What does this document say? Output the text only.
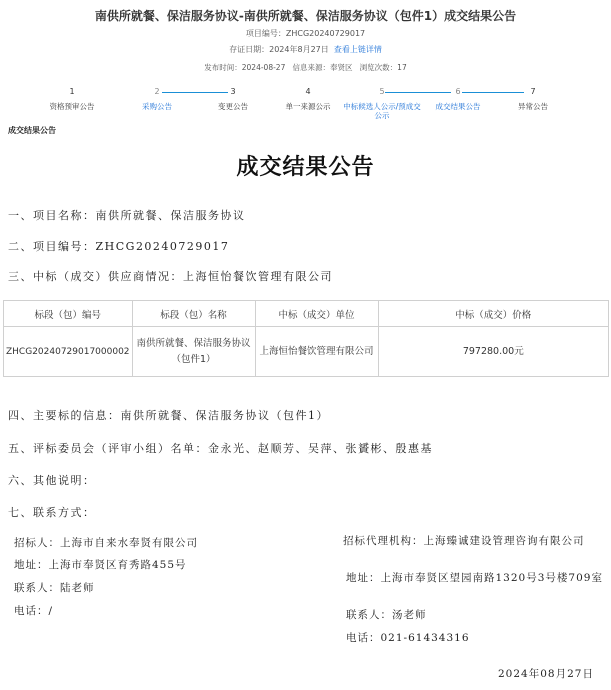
南供所就餐、保洁服务协议-南供所就餐、保洁服务协议（包件1）成交结果公告
项目编号：ZHCG20240729017
存证日期：2024年8月27日 查看上链详情
发布时间：2024-08-27 信息来源：奉贤区 浏览次数：17
1
资格预审公告
2
采购公告
3
变更公告
4
单一来源公示
5
中标候选人公示/预成交公示
6
成交结果公告
7
异常公告
成交结果公告
成交结果公告
一、项目名称：南供所就餐、保洁服务协议
二、项目编号：ZHCG20240729017
三、中标（成交）供应商情况：上海恒怡餐饮管理有限公司
标段（包）编号	标段（包）名称	中标（成交）单位	中标（成交）价格
ZHCG20240729017000002	南供所就餐、保洁服务协议（包件1）	上海恒怡餐饮管理有限公司	797280.00元
四、主要标的信息：南供所就餐、保洁服务协议（包件1）
五、评标委员会（评审小组）名单：金永光、赵顺芳、吴萍、张贇彬、殷惠基
六、其他说明：
七、联系方式：
招标人：上海市自来水奉贤有限公司
地址：上海市奉贤区育秀路455号
联系人：陆老师
电话：/
招标代理机构：上海臻诚建设管理咨询有限公司
地址：上海市奉贤区望园南路1320号3号楼709室
联系人：汤老师
电话：021-61434316
2024年08月27日
